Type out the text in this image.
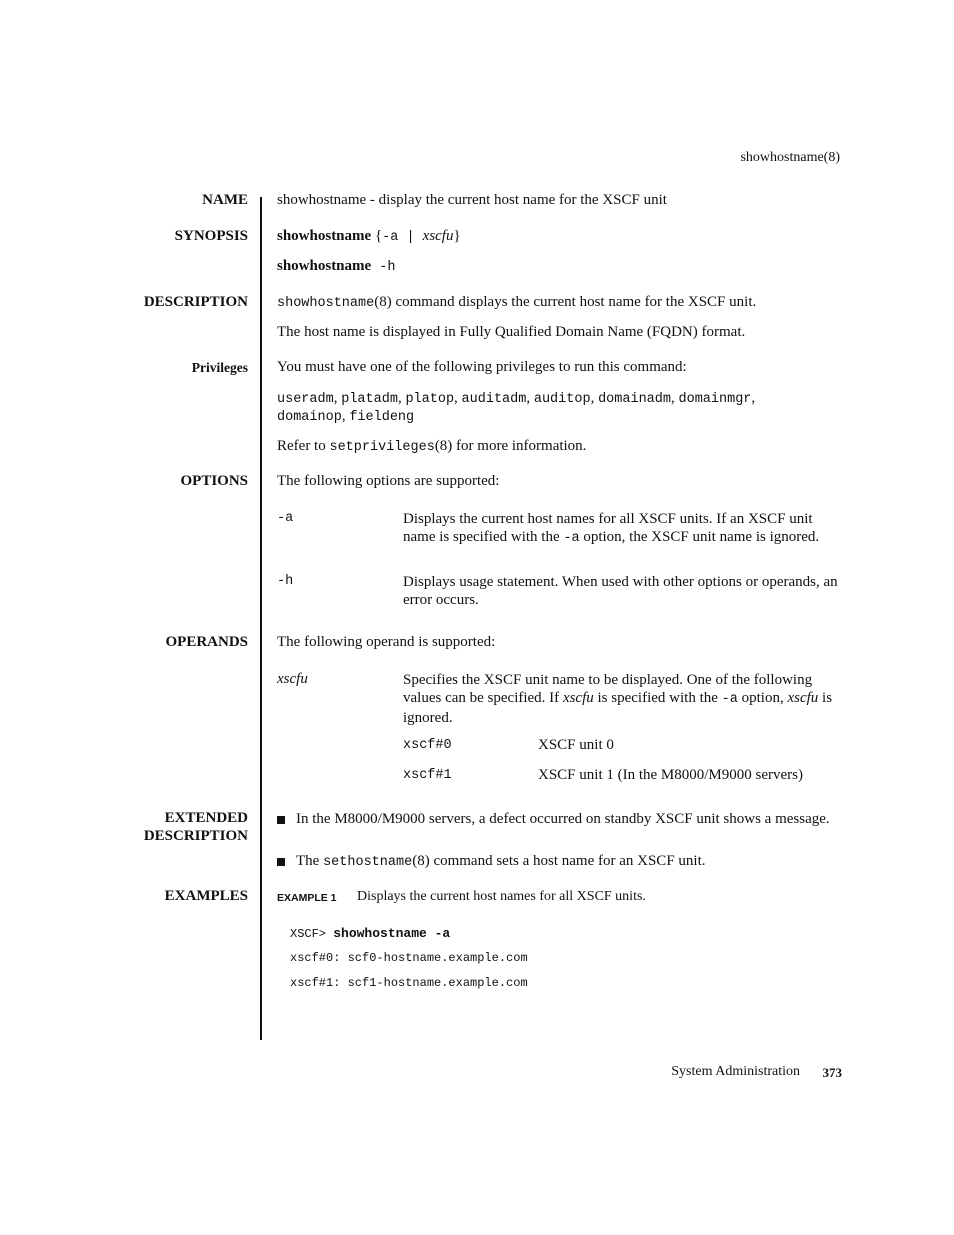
showhostname(8)
NAME showhostname - display the current host name for the XSCF unit
SYNOPSIS showhostname {-a | xscfu}
showhostname -h
DESCRIPTION showhostname(8) command displays the current host name for the XSCF unit.
The host name is displayed in Fully Qualified Domain Name (FQDN) format.
Privileges You must have one of the following privileges to run this command:
useradm, platadm, platop, auditadm, auditop, domainadm, domainmgr,
domainop, fieldeng
Refer to setprivileges(8) for more information.
OPTIONS The following options are supported:
-a	Displays the current host names for all XSCF units. If an XSCF unit name is specified with the -a option, the XSCF unit name is ignored.
-h	Displays usage statement. When used with other options or operands, an error occurs.
OPERANDS The following operand is supported:
xscfu	Specifies the XSCF unit name to be displayed. One of the following values can be specified. If xscfu is specified with the -a option, xscfu is ignored.
xscf#0	XSCF unit 0
xscf#1	XSCF unit 1 (In the M8000/M9000 servers)
EXTENDED
DESCRIPTION
In the M8000/M9000 servers, a defect occurred on standby XSCF unit shows a message.
The sethostname(8) command sets a host name for an XSCF unit.
EXAMPLES	EXAMPLE 1 Displays the current host names for all XSCF units.
XSCF> showhostname -a
xscf#0: scf0-hostname.example.com
xscf#1: scf1-hostname.example.com
System Administration 373
